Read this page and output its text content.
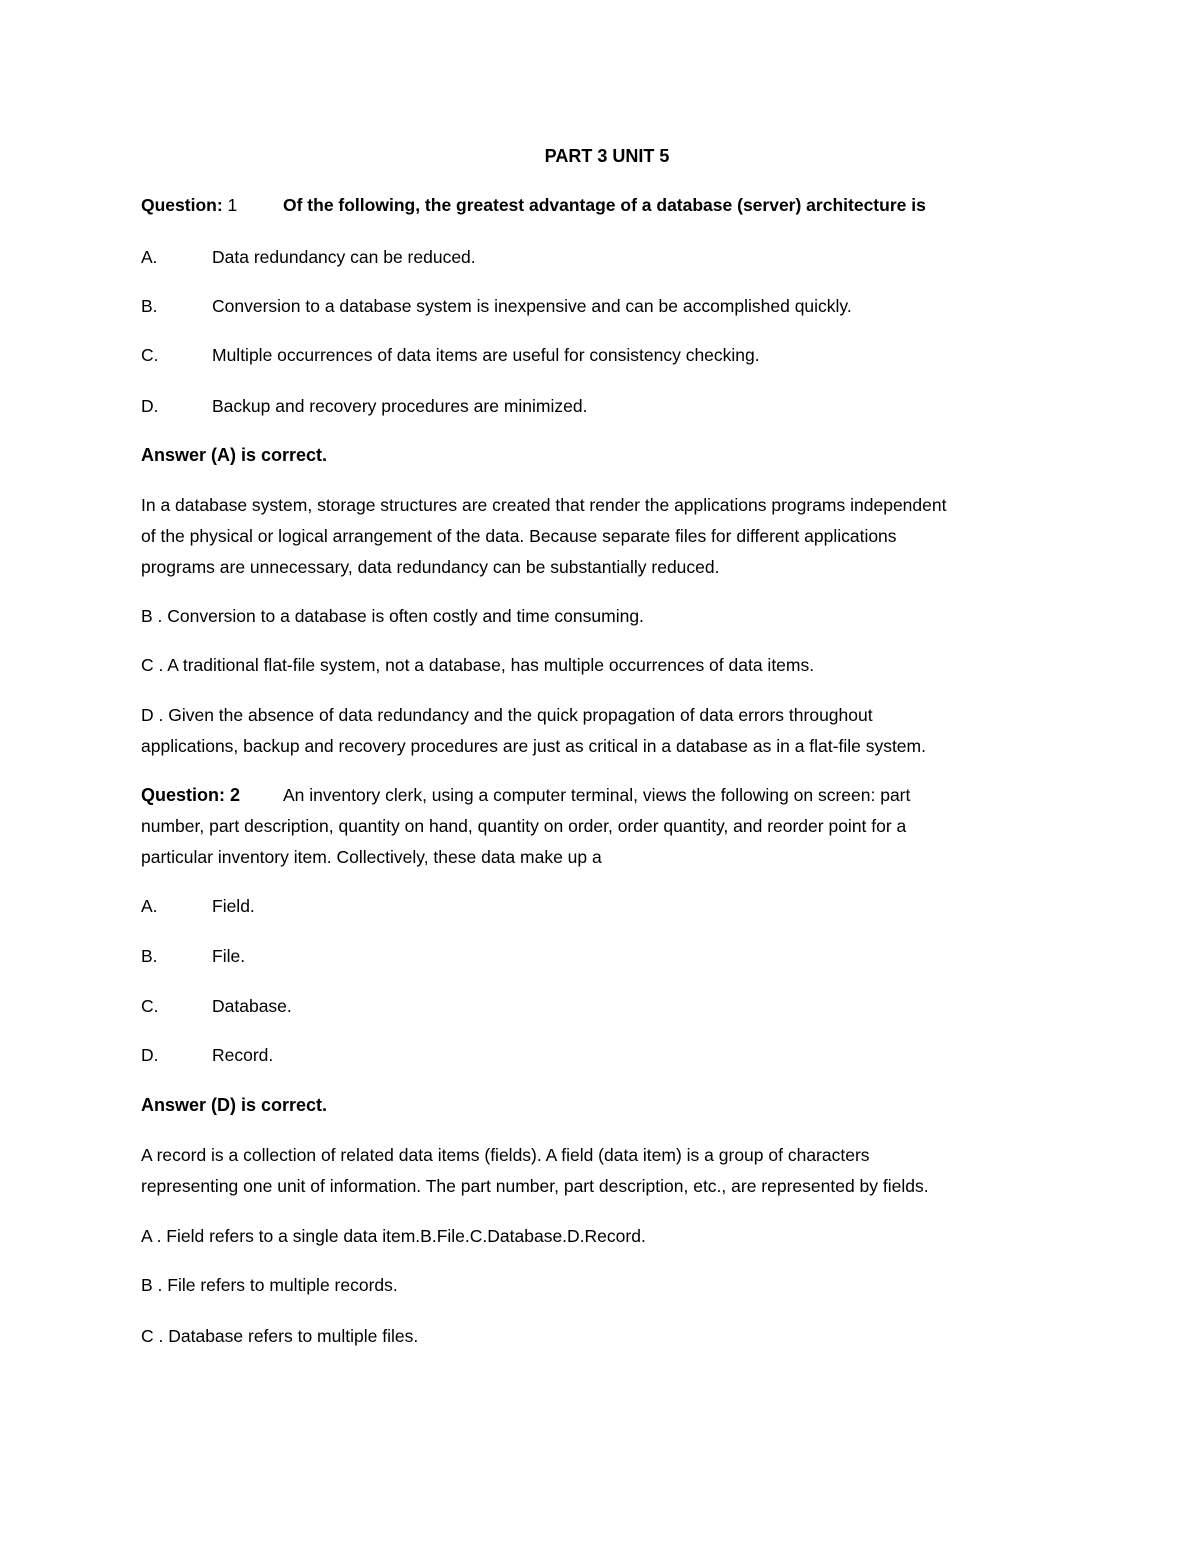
PART 3 UNIT 5
Question: 1	Of the following, the greatest advantage of a database (server) architecture is
A.	Data redundancy can be reduced.
B.	Conversion to a database system is inexpensive and can be accomplished quickly.
C.	Multiple occurrences of data items are useful for consistency checking.
D.	Backup and recovery procedures are minimized.
Answer (A) is correct.
In a database system, storage structures are created that render the applications programs independent
of the physical or logical arrangement of the data. Because separate files for different applications
programs are unnecessary, data redundancy can be substantially reduced.
B . Conversion to a database is often costly and time consuming.
C . A traditional flat-file system, not a database, has multiple occurrences of data items.
D . Given the absence of data redundancy and the quick propagation of data errors throughout
applications, backup and recovery procedures are just as critical in a database as in a flat-file system.
Question: 2	An inventory clerk, using a computer terminal, views the following on screen: part
number, part description, quantity on hand, quantity on order, order quantity, and reorder point for a
particular inventory item. Collectively, these data make up a
A.	Field.
B.	File.
C.	Database.
D.	Record.
Answer (D) is correct.
A record is a collection of related data items (fields). A field (data item) is a group of characters
representing one unit of information. The part number, part description, etc., are represented by fields.
A . Field refers to a single data item.B.File.C.Database.D.Record.
B . File refers to multiple records.
C . Database refers to multiple files.
